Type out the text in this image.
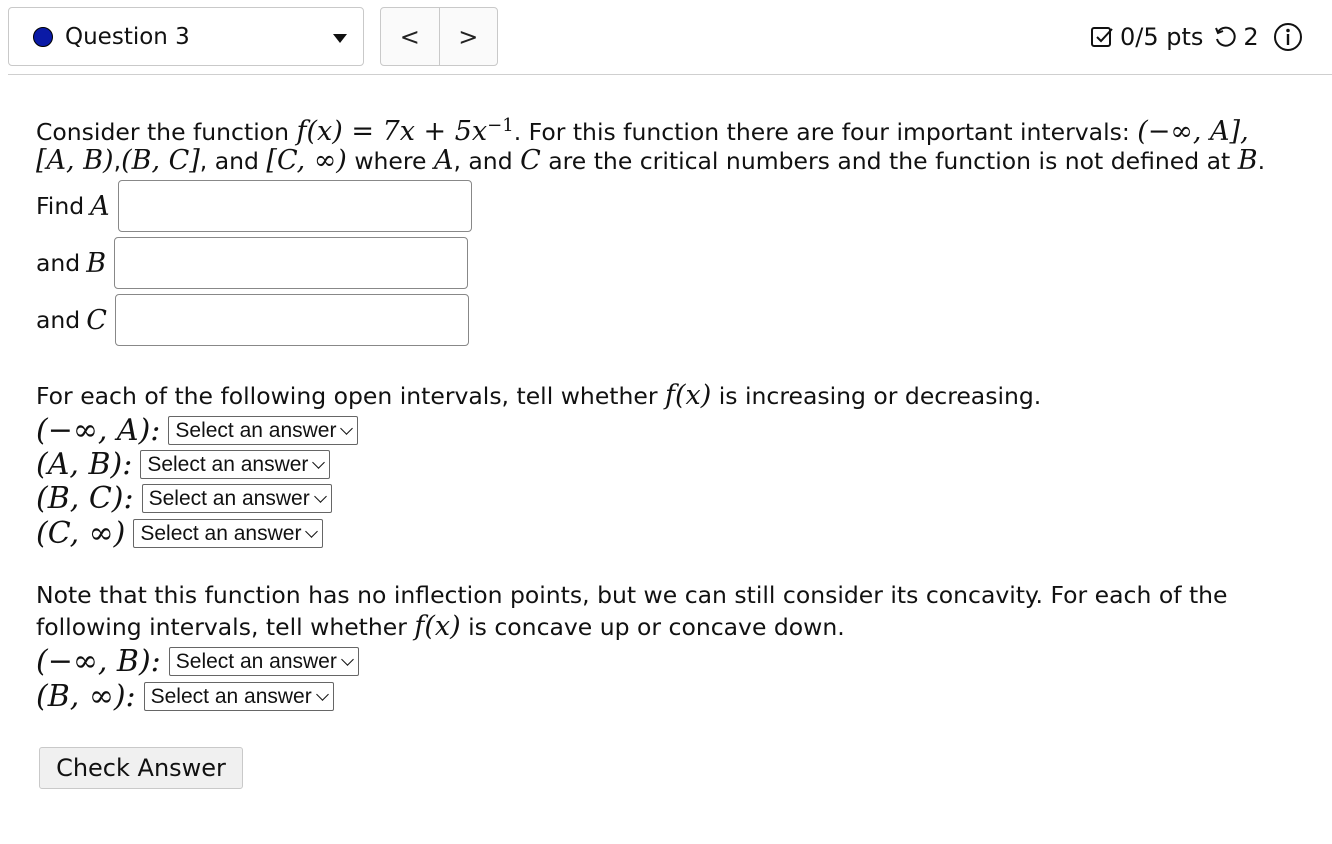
Question 3	<	>	0/5 pts 2
Consider the function $f(x) = 7x + 5x^{-1}$. For this function there are four important intervals: (−∞, A],
[A, B),(B, C], and [C, ∞) where A, and C are the critical numbers and the function is not defined at B.
Find A
and B
and C
For each of the following open intervals, tell whether f(x) is increasing or decreasing.
(−∞, A): Select an answer
(A, B): Select an answer
(B, C): Select an answer
(C, ∞) Select an answer
Note that this function has no inflection points, but we can still consider its concavity. For each of the
following intervals, tell whether f(x) is concave up or concave down.
(−∞, B): Select an answer
(B, ∞): Select an answer
Check Answer
